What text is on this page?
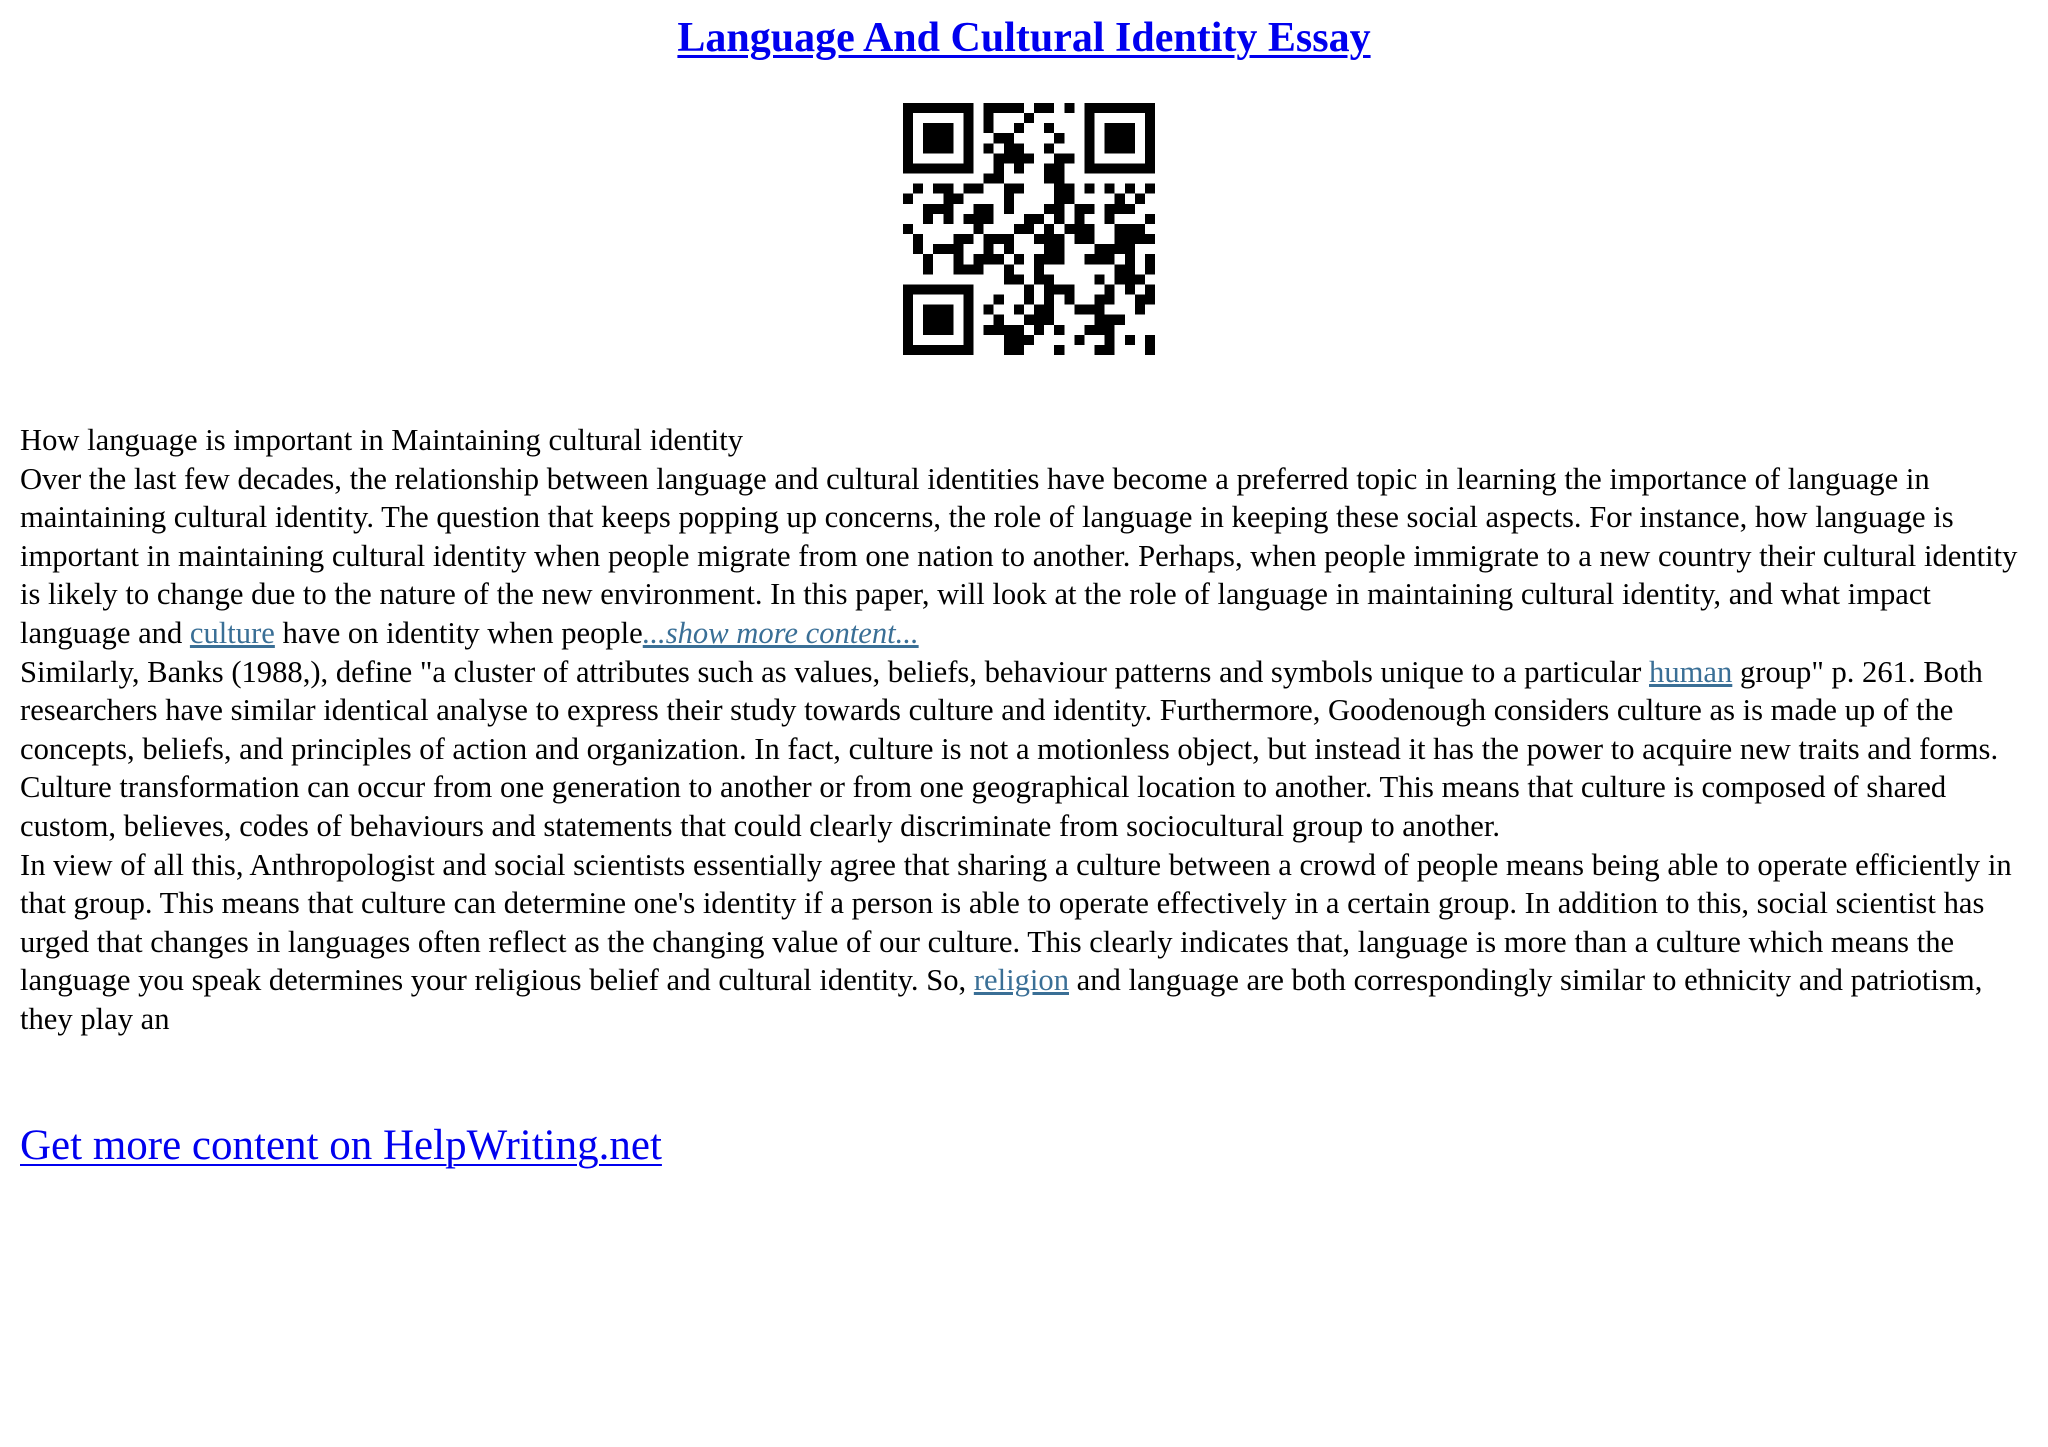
Language And Cultural Identity Essay

How language is important in Maintaining cultural identity

Over the last few decades, the relationship between language and cultural identities have become a preferred topic in learning the importance of language in maintaining cultural identity. The question that keeps popping up concerns, the role of language in keeping these social aspects. For instance, how language is important in maintaining cultural identity when people migrate from one nation to another. Perhaps, when people immigrate to a new country their cultural identity is likely to change due to the nature of the new environment. In this paper, will look at the role of language in maintaining cultural identity, and what impact language and culture have on identity when people...show more content...

Similarly, Banks (1988,), define "a cluster of attributes such as values, beliefs, behaviour patterns and symbols unique to a particular human group" p. 261. Both researchers have similar identical analyse to express their study towards culture and identity. Furthermore, Goodenough considers culture as is made up of the concepts, beliefs, and principles of action and organization. In fact, culture is not a motionless object, but instead it has the power to acquire new traits and forms. Culture transformation can occur from one generation to another or from one geographical location to another. This means that culture is composed of shared custom, believes, codes of behaviours and statements that could clearly discriminate from sociocultural group to another.

In view of all this, Anthropologist and social scientists essentially agree that sharing a culture between a crowd of people means being able to operate efficiently in that group. This means that culture can determine one's identity if a person is able to operate effectively in a certain group. In addition to this, social scientist has urged that changes in languages often reflect as the changing value of our culture. This clearly indicates that, language is more than a culture which means the language you speak determines your religious belief and cultural identity. So, religion and language are both correspondingly similar to ethnicity and patriotism, they play an

Get more content on HelpWriting.net
